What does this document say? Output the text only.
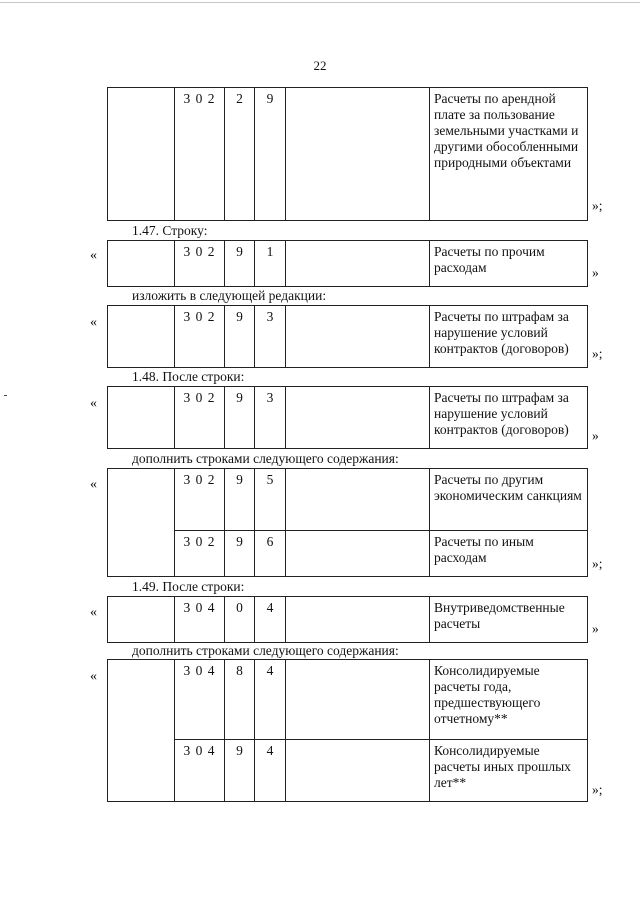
22
	3 0 2	2	9		Расчеты по арендной плате за пользование земельными участками и другими обособленными природными объектами
»;
1.47. Строку:
«
		3 0 2	9	1		Расчеты по прочим расходам	»
изложить в следующей редакции:
«
		3 0 2	9	3		Расчеты по штрафам за нарушение условий контрактов (договоров) »;
1.48. После строки:
«
		3 0 2	9	3		Расчеты по штрафам за нарушение условий контрактов (договоров) »
дополнить строками следующего содержания:
«
		3 0 2	9	5		Расчеты по другим экономическим санкциям
	3 0 2	9	6		Расчеты по иным расходам	»;
1.49. После строки:
«
		3 0 4	0	4		Внутриведомственные расчеты	»
дополнить строками следующего содержания:
«
		3 0 4	8	4		Консолидируемые расчеты года, предшествующего отчетному**
	3 0 4	9	4		Консолидируемые расчеты иных прошлых лет**	»;
